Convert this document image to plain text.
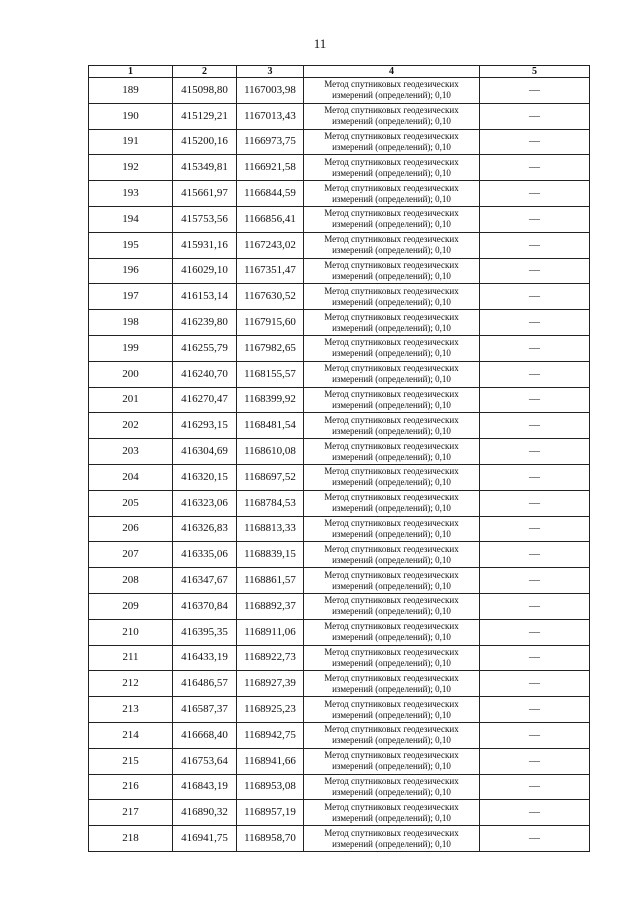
11
1	2	3	4	5
189	415098,80	1167003,98	Метод спутниковых геодезических
измерений (определений); 0,10	—
190	415129,21	1167013,43	Метод спутниковых геодезических
измерений (определений); 0,10	—
191	415200,16	1166973,75	Метод спутниковых геодезических
измерений (определений); 0,10	—
192	415349,81	1166921,58	Метод спутниковых геодезических
измерений (определений); 0,10	—
193	415661,97	1166844,59	Метод спутниковых геодезических
измерений (определений); 0,10	—
194	415753,56	1166856,41	Метод спутниковых геодезических
измерений (определений); 0,10	—
195	415931,16	1167243,02	Метод спутниковых геодезических
измерений (определений); 0,10	—
196	416029,10	1167351,47	Метод спутниковых геодезических
измерений (определений); 0,10	—
197	416153,14	1167630,52	Метод спутниковых геодезических
измерений (определений); 0,10	—
198	416239,80	1167915,60	Метод спутниковых геодезических
измерений (определений); 0,10	—
199	416255,79	1167982,65	Метод спутниковых геодезических
измерений (определений); 0,10	—
200	416240,70	1168155,57	Метод спутниковых геодезических
измерений (определений); 0,10	—
201	416270,47	1168399,92	Метод спутниковых геодезических
измерений (определений); 0,10	—
202	416293,15	1168481,54	Метод спутниковых геодезических
измерений (определений); 0,10	—
203	416304,69	1168610,08	Метод спутниковых геодезических
измерений (определений); 0,10	—
204	416320,15	1168697,52	Метод спутниковых геодезических
измерений (определений); 0,10	—
205	416323,06	1168784,53	Метод спутниковых геодезических
измерений (определений); 0,10	—
206	416326,83	1168813,33	Метод спутниковых геодезических
измерений (определений); 0,10	—
207	416335,06	1168839,15	Метод спутниковых геодезических
измерений (определений); 0,10	—
208	416347,67	1168861,57	Метод спутниковых геодезических
измерений (определений); 0,10	—
209	416370,84	1168892,37	Метод спутниковых геодезических
измерений (определений); 0,10	—
210	416395,35	1168911,06	Метод спутниковых геодезических
измерений (определений); 0,10	—
211	416433,19	1168922,73	Метод спутниковых геодезических
измерений (определений); 0,10	—
212	416486,57	1168927,39	Метод спутниковых геодезических
измерений (определений); 0,10	—
213	416587,37	1168925,23	Метод спутниковых геодезических
измерений (определений); 0,10	—
214	416668,40	1168942,75	Метод спутниковых геодезических
измерений (определений); 0,10	—
215	416753,64	1168941,66	Метод спутниковых геодезических
измерений (определений); 0,10	—
216	416843,19	1168953,08	Метод спутниковых геодезических
измерений (определений); 0,10	—
217	416890,32	1168957,19	Метод спутниковых геодезических
измерений (определений); 0,10	—
218	416941,75	1168958,70	Метод спутниковых геодезических
измерений (определений); 0,10	—
